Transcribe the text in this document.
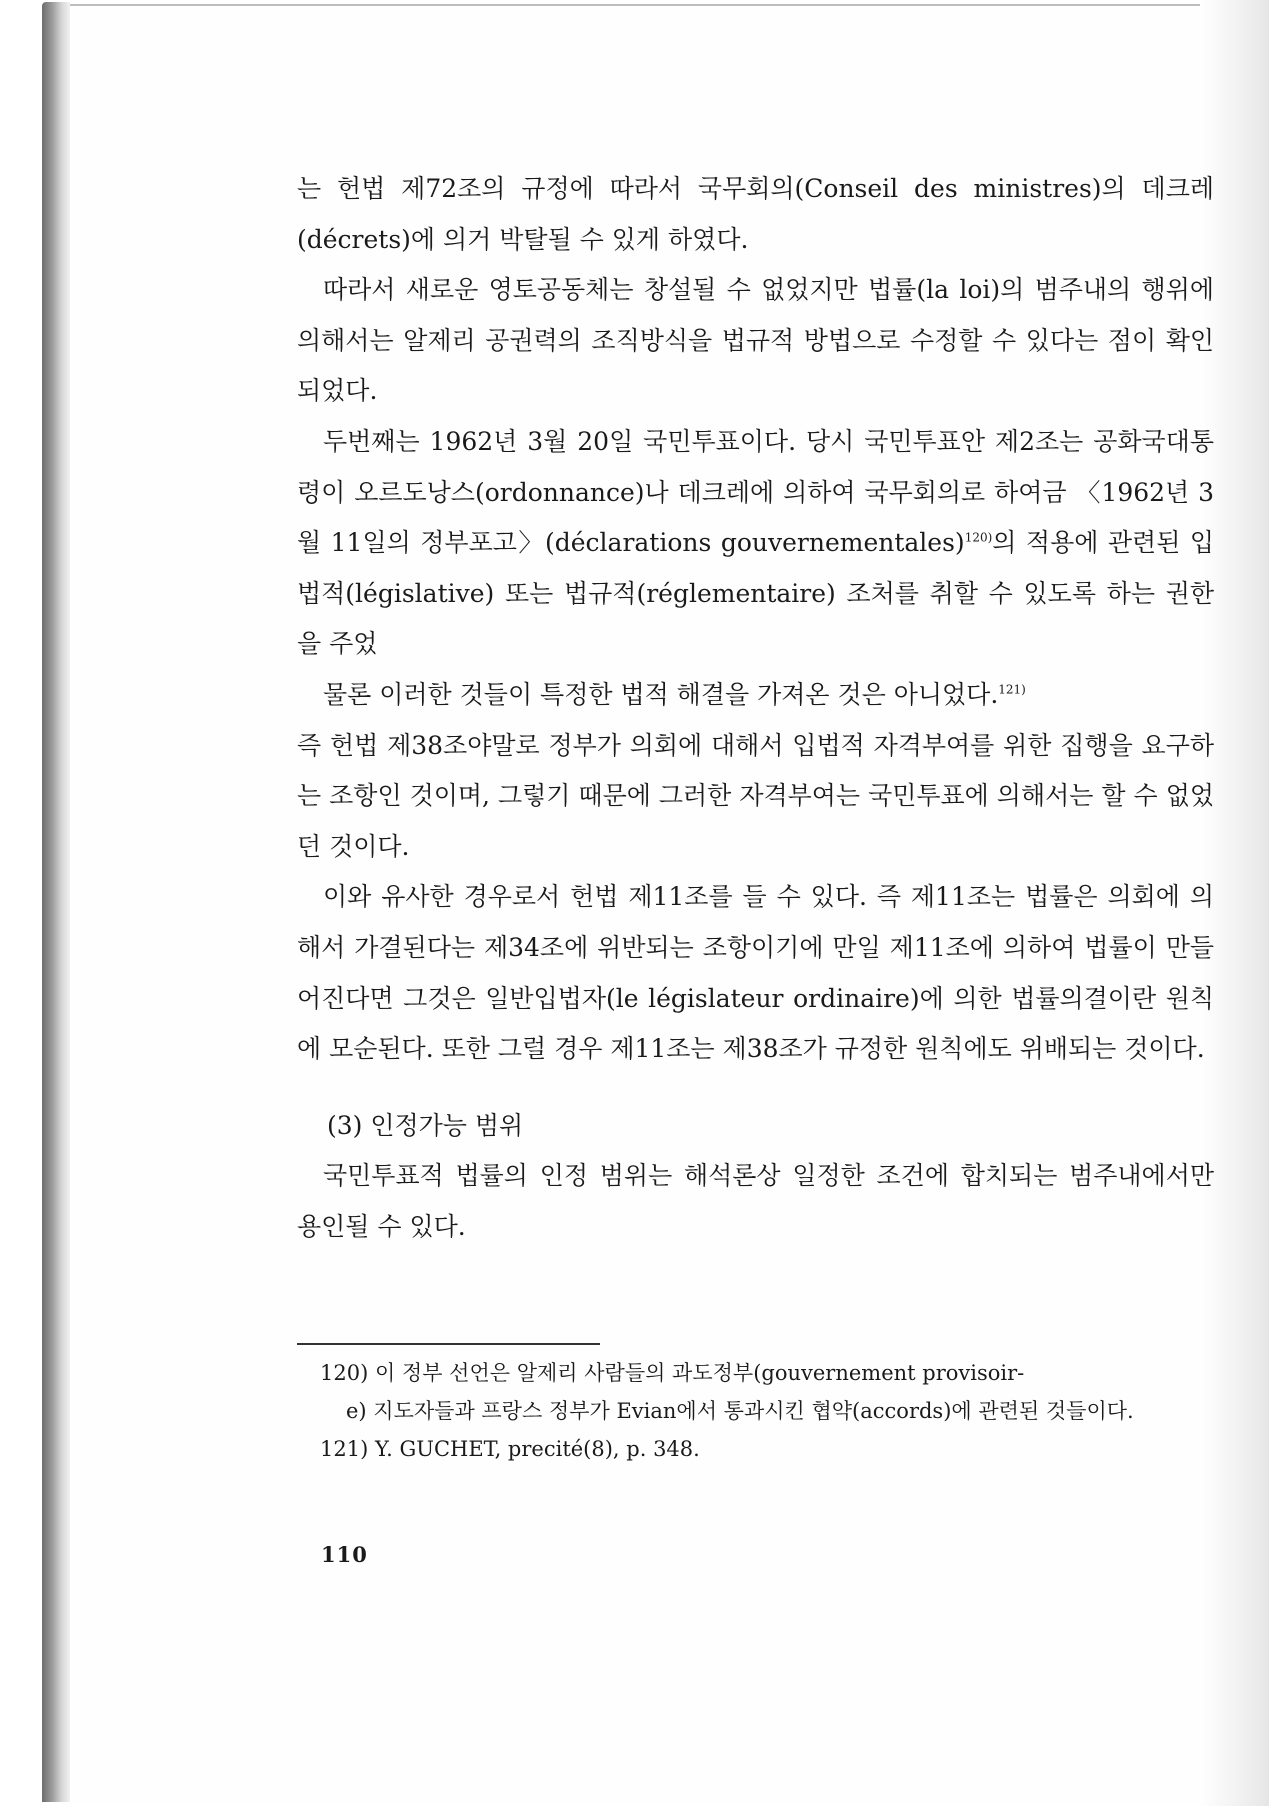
는 헌법 제72조의 규정에 따라서 국무회의(Conseil des ministres)의 데크레(décrets)에 의거 박탈될 수 있게 하였다.

따라서 새로운 영토공동체는 창설될 수 없었지만 법률(la loi)의 범주내의 행위에 의해서는 알제리 공권력의 조직방식을 법규적 방법으로 수정할 수 있다는 점이 확인되었다.

두번째는 1962년 3월 20일 국민투표이다. 당시 국민투표안 제2조는 공화국대통령이 오르도낭스(ordonnance)나 데크레에 의하여 국무회의로 하여금 〈1962년 3월 11일의 정부포고〉(déclarations gouvernementales)$^{120)}$의 적용에 관련된 입법적(législative) 또는 법규적(réglementaire) 조처를 취할 수 있도록 하는 권한을 주었

물론 이러한 것들이 특정한 법적 해결을 가져온 것은 아니었다.$^{121)}$

즉 헌법 제38조야말로 정부가 의회에 대해서 입법적 자격부여를 위한 집행을 요구하는 조항인 것이며, 그렇기 때문에 그러한 자격부여는 국민투표에 의해서는 할 수 없었던 것이다.

이와 유사한 경우로서 헌법 제11조를 들 수 있다. 즉 제11조는 법률은 의회에 의해서 가결된다는 제34조에 위반되는 조항이기에 만일 제11조에 의하여 법률이 만들어진다면 그것은 일반입법자(le législateur ordinaire)에 의한 법률의결이란 원칙에 모순된다. 또한 그럴 경우 제11조는 제38조가 규정한 원칙에도 위배되는 것이다.

(3) 인정가능 범위

국민투표적 법률의 인정 범위는 해석론상 일정한 조건에 합치되는 범주내에서만 용인될 수 있다.

120) 이 정부 선언은 알제리 사람들의 과도정부(gouvernement provisoir-

e) 지도자들과 프랑스 정부가 Evian에서 통과시킨 협약(accords)에 관련된 것들이다.

121) Y. GUCHET, precité(8), p. 348.

110
